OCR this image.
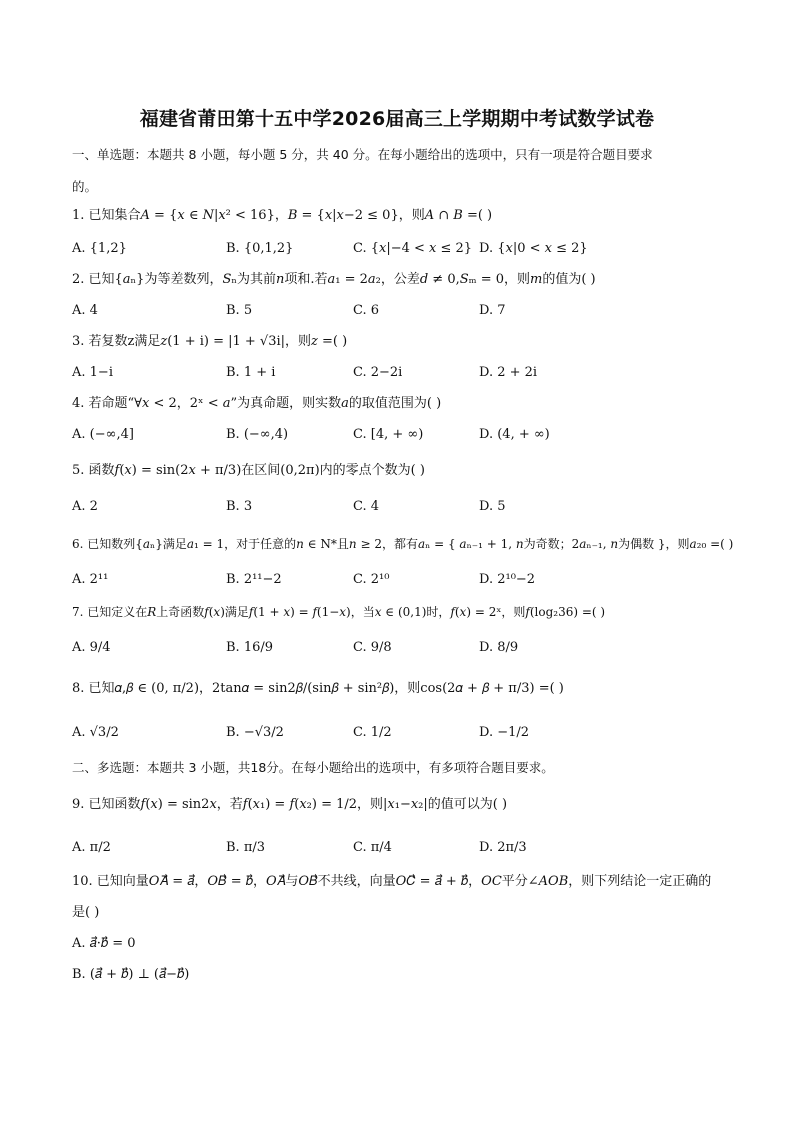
福建省莆田第十五中学2026届高三上学期期中考试数学试卷
一、单选题：本题共 8 小题，每小题 5 分，共 40 分。在每小题给出的选项中，只有一项是符合题目要求
的。
1. 已知集合𝐴 = {𝑥 ∈ 𝑁|𝑥² < 16}，𝐵 = {𝑥|𝑥−2 ≤ 0}，则𝐴 ∩ 𝐵 =( )
A. {1,2}	B. {0,1,2}	C. {𝑥|−4 < 𝑥 ≤ 2} D. {𝑥|0 < 𝑥 ≤ 2}
2. 已知{𝑎ₙ}为等差数列，𝑆ₙ为其前𝑛项和.若𝑎₁ = 2𝑎₂，公差𝑑 ≠ 0,𝑆ₘ = 0，则𝑚的值为( )
A. 4	B. 5	C. 6	D. 7
3. 若复数z满足𝑧(1 + i) = |1 + √3i|，则𝑧 =( )
A. 1−i	B. 1 + i	C. 2−2i	D. 2 + 2i
4. 若命题“∀𝑥 < 2，2ˣ < 𝑎”为真命题，则实数𝑎的取值范围为( )
A. (−∞,4]	B. (−∞,4)	C. [4, + ∞)	D. (4, + ∞)
5. 函数𝑓(𝑥) = sin(2𝑥 + π/3)在区间(0,2π)内的零点个数为( )
A. 2	B. 3	C. 4	D. 5
6. 已知数列{𝑎ₙ}满足𝑎₁ = 1，对于任意的𝑛 ∈ N*且𝑛 ≥ 2，都有𝑎ₙ = { 𝑎ₙ₋₁ + 1, 𝑛为奇数；2𝑎ₙ₋₁, 𝑛为偶数 }，则𝑎₂₀ =( )
A. 2¹¹	B. 2¹¹−2	C. 2¹⁰	D. 2¹⁰−2
7. 已知定义在𝑅上奇函数𝑓(𝑥)满足𝑓(1 + 𝑥) = 𝑓(1−𝑥)，当𝑥 ∈ (0,1)时，𝑓(𝑥) = 2ˣ，则𝑓(log₂36) =( )
A. 9/4	B. 16/9	C. 9/8	D. 8/9
8. 已知𝛼,𝛽 ∈ (0, π/2)，2tan𝛼 = sin2𝛽/(sin𝛽 + sin²𝛽)，则cos(2𝛼 + 𝛽 + π/3) =( )
A. √3/2	B. −√3/2	C. 1/2	D. −1/2
二、多选题：本题共 3 小题，共18分。在每小题给出的选项中，有多项符合题目要求。
9. 已知函数𝑓(𝑥) = sin2𝑥，若𝑓(𝑥₁) = 𝑓(𝑥₂) = 1/2，则|𝑥₁−𝑥₂|的值可以为( )
A. π/2	B. π/3	C. π/4	D. 2π/3
10. 已知向量𝑂𝐴⃗ = 𝑎⃗，𝑂𝐵⃗ = 𝑏⃗，𝑂𝐴⃗与𝑂𝐵⃗不共线，向量𝑂𝐶⃗ = 𝑎⃗ + 𝑏⃗，𝑂𝐶平分∠𝐴𝑂𝐵，则下列结论一定正确的
是( )
A. 𝑎⃗·𝑏⃗ = 0
B. (𝑎⃗ + 𝑏⃗) ⊥ (𝑎⃗−𝑏⃗)
